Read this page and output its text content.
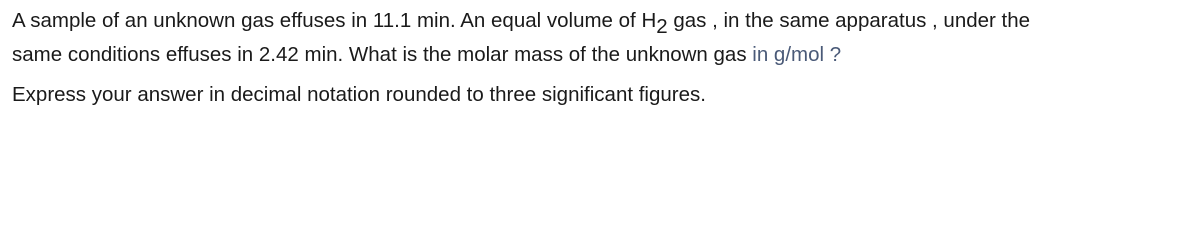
A sample of an unknown gas effuses in 11.1 min. An equal volume of H2 gas , in the same apparatus , under the
same conditions effuses in 2.42 min. What is the molar mass of the unknown gas in g/mol ?

Express your answer in decimal notation rounded to three significant figures.
